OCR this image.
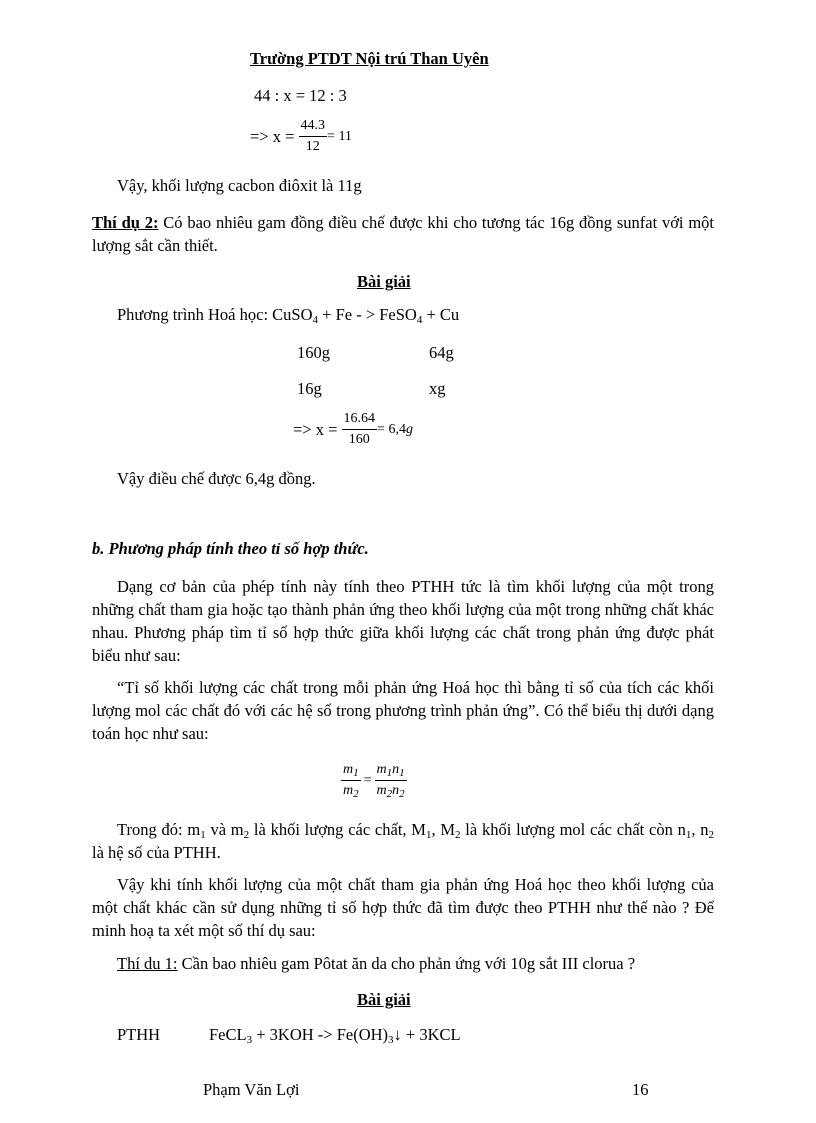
Trường PTDT Nội trú Than Uyên
44 : x = 12 : 3
=> x =
$\frac{44.3}{12} = 11$
Vậy, khối lượng cacbon điôxit là 11g
Thí dụ 2: Có bao nhiêu gam đồng điều chế được khi cho tương tác 16g đồng sunfat với một lượng sắt cần thiết.
Bài giải
Phương trình Hoá học: CuSO$_4$ + Fe - > FeSO$_4$ + Cu
160g	64g
16g	xg
=> x =
$\frac{16.64}{160} = 6,4$ g
Vậy điều chế được 6,4g đồng.
b. Phương pháp tính theo tỉ số hợp thức.
Dạng cơ bản của phép tính này tính theo PTHH tức là tìm khối lượng của một trong những chất tham gia hoặc tạo thành phản ứng theo khối lượng của một trong những chất khác nhau. Phương pháp tìm tỉ số hợp thức giữa khối lượng các chất trong phản ứng được phát biểu như sau:
“Tỉ số khối lượng các chất trong mỗi phản ứng Hoá học thì bằng tỉ số của tích các khối lượng mol các chất đó với các hệ số trong phương trình phản ứng”. Có thể biểu thị dưới dạng toán học như sau:
$\frac{m_1}{m_2} = \frac{m_1n_1}{m_2n_2}$
Trong đó: $m_1$ và $m_2$ là khối lượng các chất, $M_1$, $M_2$ là khối lượng mol các chất còn $n_1$, $n_2$ là hệ số của PTHH.
Vậy khi tính khối lượng của một chất tham gia phản ứng Hoá học theo khối lượng của một chất khác cần sử dụng những tỉ số hợp thức đã tìm được theo PTHH như thế nào ? Để minh hoạ ta xét một số thí dụ sau:
Thí du 1: Cần bao nhiêu gam Pôtat ăn da cho phản ứng với 10g sắt III clorua ?
Bài giải
PTHH	FeCL$_3$ + $3KOH -> Fe(OH)_3↓ + 3KCL$
Phạm Văn Lợi	16
